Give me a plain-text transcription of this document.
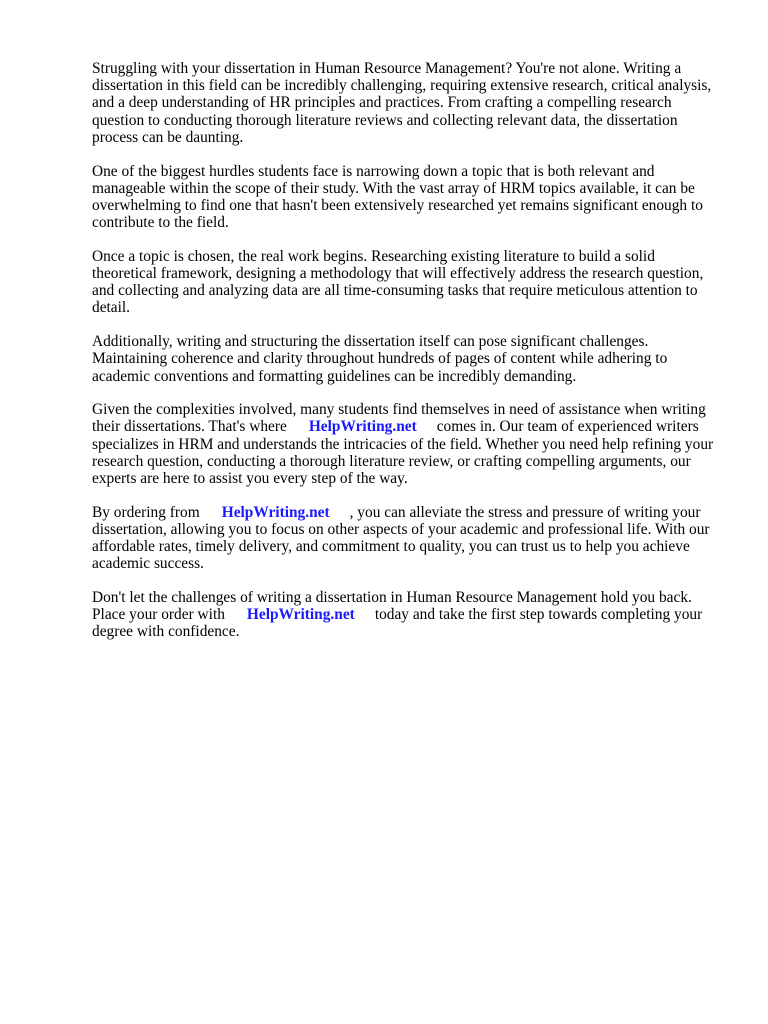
Struggling with your dissertation in Human Resource Management? You're not alone. Writing a dissertation in this field can be incredibly challenging, requiring extensive research, critical analysis, and a deep understanding of HR principles and practices. From crafting a compelling research question to conducting thorough literature reviews and collecting relevant data, the dissertation process can be daunting.

One of the biggest hurdles students face is narrowing down a topic that is both relevant and manageable within the scope of their study. With the vast array of HRM topics available, it can be overwhelming to find one that hasn't been extensively researched yet remains significant enough to contribute to the field.

Once a topic is chosen, the real work begins. Researching existing literature to build a solid theoretical framework, designing a methodology that will effectively address the research question, and collecting and analyzing data are all time-consuming tasks that require meticulous attention to detail.

Additionally, writing and structuring the dissertation itself can pose significant challenges. Maintaining coherence and clarity throughout hundreds of pages of content while adhering to academic conventions and formatting guidelines can be incredibly demanding.

Given the complexities involved, many students find themselves in need of assistance when writing their dissertations. That's where HelpWriting.net comes in. Our team of experienced writers specializes in HRM and understands the intricacies of the field. Whether you need help refining your research question, conducting a thorough literature review, or crafting compelling arguments, our experts are here to assist you every step of the way.

By ordering from HelpWriting.net , you can alleviate the stress and pressure of writing your dissertation, allowing you to focus on other aspects of your academic and professional life. With our affordable rates, timely delivery, and commitment to quality, you can trust us to help you achieve academic success.

Don't let the challenges of writing a dissertation in Human Resource Management hold you back. Place your order with HelpWriting.net today and take the first step towards completing your degree with confidence.
